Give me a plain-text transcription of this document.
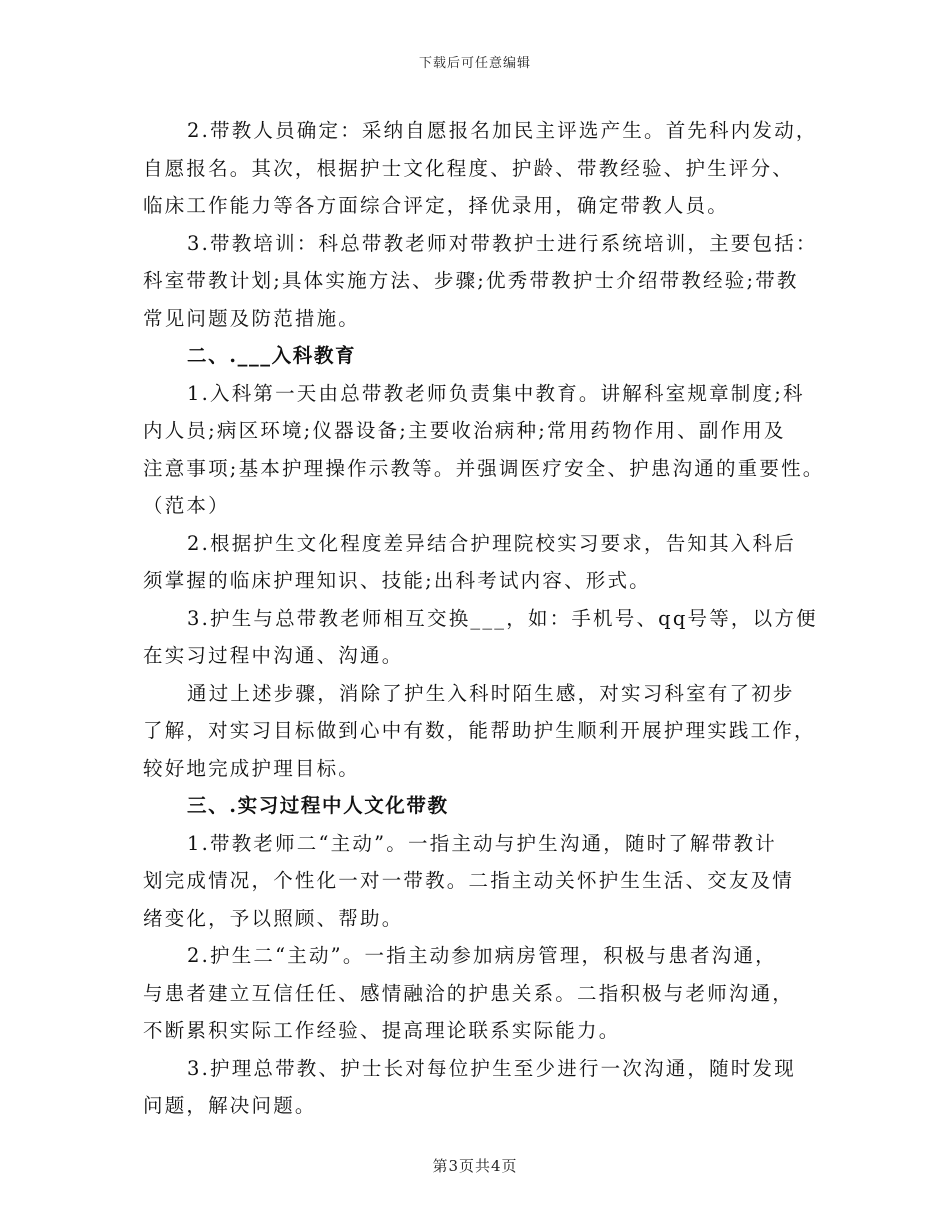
下载后可任意编辑

2.带教人员确定：采纳自愿报名加民主评选产生。首先科内发动，
自愿报名。其次，根据护士文化程度、护龄、带教经验、护生评分、
临床工作能力等各方面综合评定，择优录用，确定带教人员。

3.带教培训：科总带教老师对带教护士进行系统培训，主要包括：
科室带教计划;具体实施方法、步骤;优秀带教护士介绍带教经验;带教
常见问题及防范措施。

二、.___入科教育

1.入科第一天由总带教老师负责集中教育。讲解科室规章制度;科
内人员;病区环境;仪器设备;主要收治病种;常用药物作用、副作用及
注意事项;基本护理操作示教等。并强调医疗安全、护患沟通的重要性。
（范本）

2.根据护生文化程度差异结合护理院校实习要求，告知其入科后
须掌握的临床护理知识、技能;出科考试内容、形式。

3.护生与总带教老师相互交换___，如：手机号、qq号等，以方便
在实习过程中沟通、沟通。

通过上述步骤，消除了护生入科时陌生感，对实习科室有了初步
了解，对实习目标做到心中有数，能帮助护生顺利开展护理实践工作，
较好地完成护理目标。

三、.实习过程中人文化带教

1.带教老师二“主动”。一指主动与护生沟通，随时了解带教计
划完成情况，个性化一对一带教。二指主动关怀护生生活、交友及情
绪变化，予以照顾、帮助。

2.护生二“主动”。一指主动参加病房管理，积极与患者沟通，
与患者建立互信任任、感情融洽的护患关系。二指积极与老师沟通，
不断累积实际工作经验、提高理论联系实际能力。

3.护理总带教、护士长对每位护生至少进行一次沟通，随时发现
问题，解决问题。

第3页共4页
